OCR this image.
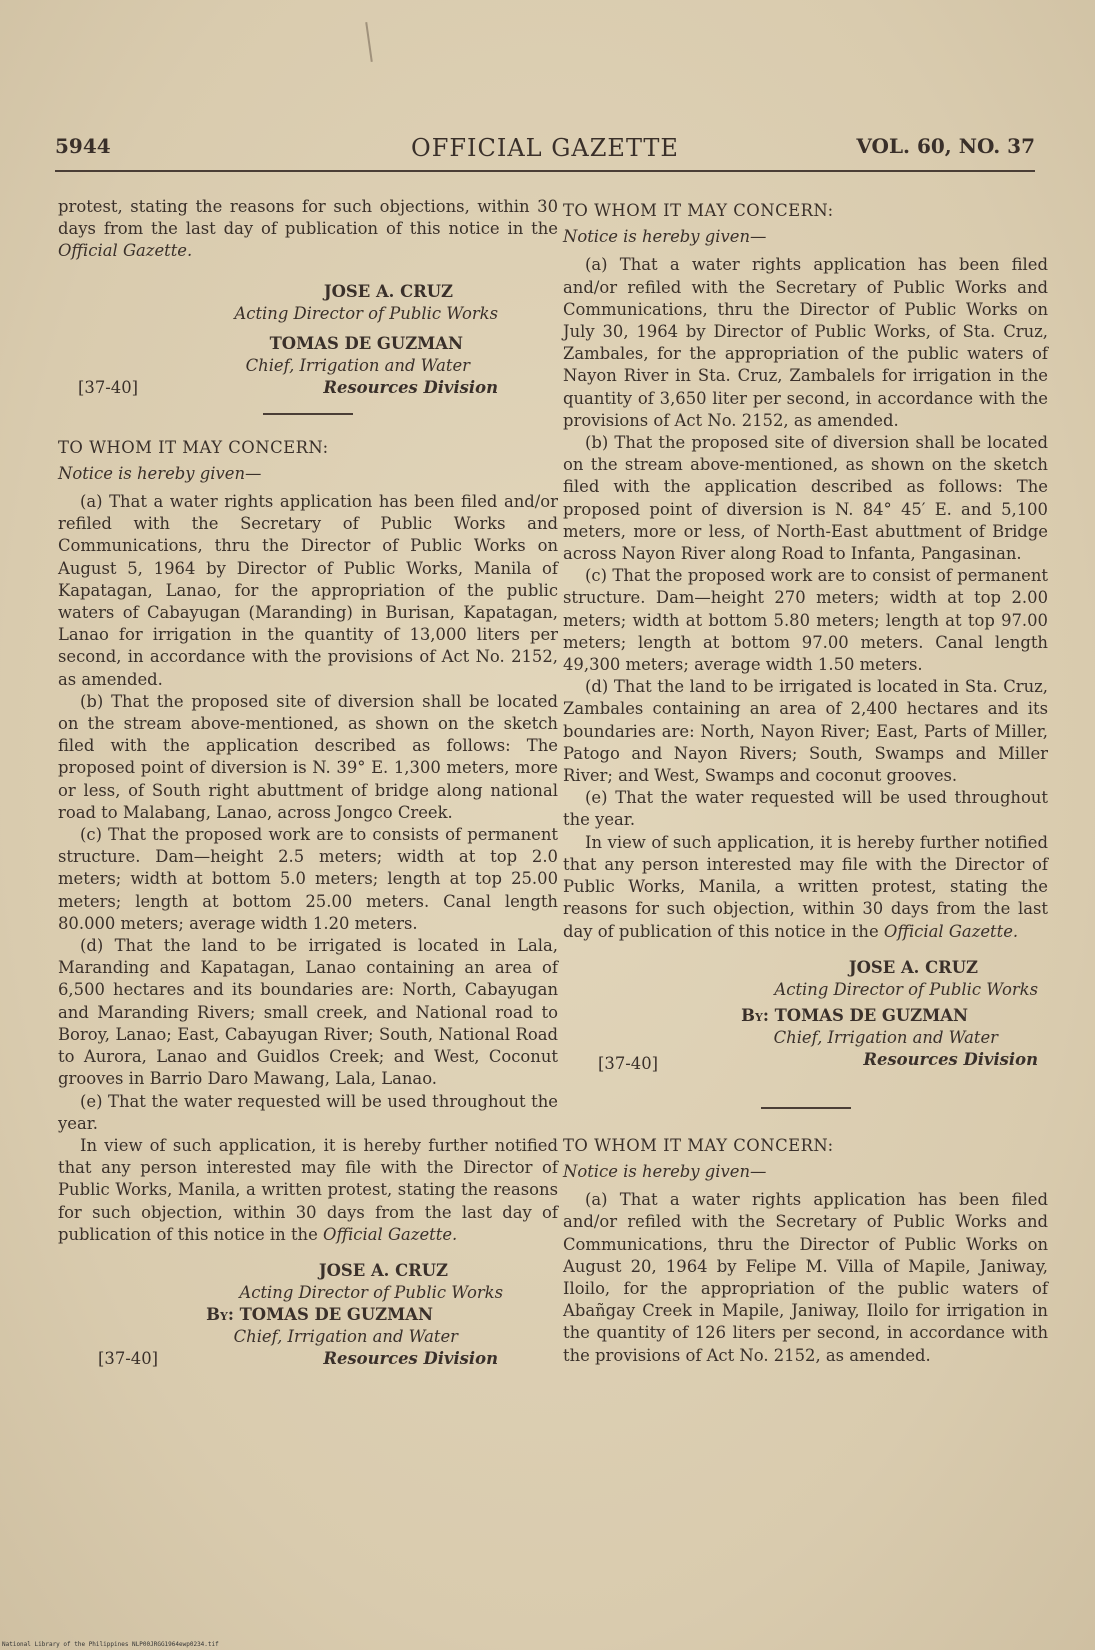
5944	OFFICIAL GAZETTE	VOL. 60, NO. 37

protest, stating the reasons for such objections, within 30 days from the last day of publication of this notice in the Official Gazette.

JOSE A. CRUZ
Acting Director of Public Works
TOMAS DE GUZMAN
Chief, Irrigation and Water
Resources Division
[37-40]

TO WHOM IT MAY CONCERN:

Notice is hereby given—

(a) That a water rights application has been filed and/or refiled with the Secretary of Public Works and Communications, thru the Director of Public Works on August 5, 1964 by Director of Public Works, Manila of Kapatagan, Lanao, for the appropriation of the public waters of Cabayugan (Maranding) in Burisan, Kapatagan, Lanao for irrigation in the quantity of 13,000 liters per second, in accordance with the provisions of Act No. 2152, as amended.

(b) That the proposed site of diversion shall be located on the stream above-mentioned, as shown on the sketch filed with the application described as follows: The proposed point of diversion is N. 39° E. 1,300 meters, more or less, of South right abuttment of bridge along national road to Malabang, Lanao, across Jongco Creek.

(c) That the proposed work are to consists of permanent structure. Dam—height 2.5 meters; width at top 2.0 meters; width at bottom 5.0 meters; length at top 25.00 meters; length at bottom 25.00 meters. Canal length 80.000 meters; average width 1.20 meters.

(d) That the land to be irrigated is located in Lala, Maranding and Kapatagan, Lanao containing an area of 6,500 hectares and its boundaries are: North, Cabayugan and Maranding Rivers; small creek, and National road to Boroy, Lanao; East, Cabayugan River; South, National Road to Aurora, Lanao and Guidlos Creek; and West, Coconut grooves in Barrio Daro Mawang, Lala, Lanao.

(e) That the water requested will be used throughout the year.

In view of such application, it is hereby further notified that any person interested may file with the Director of Public Works, Manila, a written protest, stating the reasons for such objection, within 30 days from the last day of publication of this notice in the Official Gazette.

JOSE A. CRUZ
Acting Director of Public Works
By: TOMAS DE GUZMAN
Chief, Irrigation and Water
Resources Division
[37-40]

TO WHOM IT MAY CONCERN:

Notice is hereby given—

(a) That a water rights application has been filed and/or refiled with the Secretary of Public Works and Communications, thru the Director of Public Works on July 30, 1964 by Director of Public Works, of Sta. Cruz, Zambales, for the appropriation of the public waters of Nayon River in Sta. Cruz, Zambalels for irrigation in the quantity of 3,650 liter per second, in accordance with the provisions of Act No. 2152, as amended.

(b) That the proposed site of diversion shall be located on the stream above-mentioned, as shown on the sketch filed with the application described as follows: The proposed point of diversion is N. 84° 45′ E. and 5,100 meters, more or less, of North-East abuttment of Bridge across Nayon River along Road to Infanta, Pangasinan.

(c) That the proposed work are to consist of permanent structure. Dam—height 270 meters; width at top 2.00 meters; width at bottom 5.80 meters; length at top 97.00 meters; length at bottom 97.00 meters. Canal length 49,300 meters; average width 1.50 meters.

(d) That the land to be irrigated is located in Sta. Cruz, Zambales containing an area of 2,400 hectares and its boundaries are: North, Nayon River; East, Parts of Miller, Patogo and Nayon Rivers; South, Swamps and Miller River; and West, Swamps and coconut grooves.

(e) That the water requested will be used throughout the year.

In view of such application, it is hereby further notified that any person interested may file with the Director of Public Works, Manila, a written protest, stating the reasons for such objection, within 30 days from the last day of publication of this notice in the Official Gazette.

JOSE A. CRUZ
Acting Director of Public Works
By: TOMAS DE GUZMAN
Chief, Irrigation and Water
Resources Division
[37-40]

TO WHOM IT MAY CONCERN:

Notice is hereby given—

(a) That a water rights application has been filed and/or refiled with the Secretary of Public Works and Communications, thru the Director of Public Works on August 20, 1964 by Felipe M. Villa of Mapile, Janiway, Iloilo, for the appropriation of the public waters of Abañgay Creek in Mapile, Janiway, Iloilo for irrigation in the quantity of 126 liters per second, in accordance with the provisions of Act No. 2152, as amended.

National Library of the Philippines NLP00JRGG1964ewp0234.tif
